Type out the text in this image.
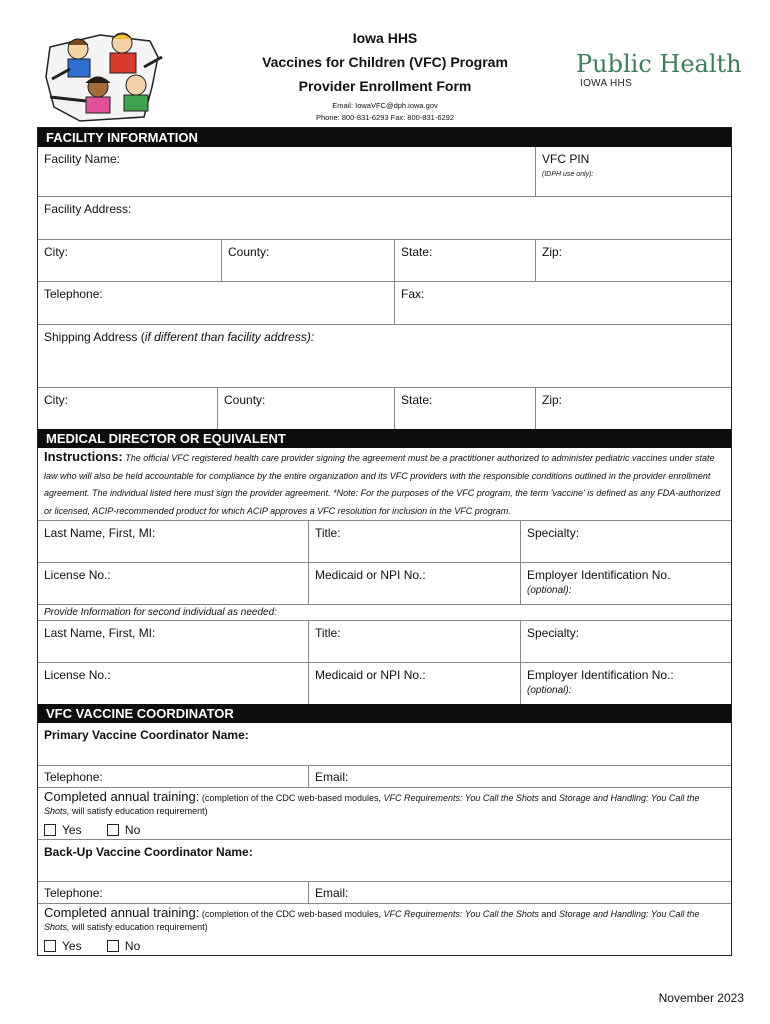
Iowa HHS
Vaccines for Children (VFC) Program
Provider Enrollment Form
Email: IowaVFC@dph.iowa.gov
Phone: 800-831-6293 Fax: 800-831-6292
Public Health
IOWA HHS
FACILITY INFORMATION
Facility Name:	VFC PIN
(IDPH use only):
Facility Address:
City:	County:	State:	Zip:
Telephone:	Fax:
Shipping Address (if different than facility address):
City:	County:	State:	Zip:
MEDICAL DIRECTOR OR EQUIVALENT
Instructions: The official VFC registered health care provider signing the agreement must be a practitioner authorized to administer pediatric vaccines under state law who will also be held accountable for compliance by the entire organization and its VFC providers with the responsible conditions outlined in the provider enrollment agreement. The individual listed here must sign the provider agreement. *Note: For the purposes of the VFC program, the term 'vaccine' is defined as any FDA-authorized or licensed, ACIP-recommended product for which ACIP approves a VFC resolution for inclusion in the VFC program.
Last Name, First, MI:	Title:	Specialty:
License No.:	Medicaid or NPI No.:	Employer Identification No.
(optional):
Provide Information for second individual as needed:
Last Name, First, MI:	Title:	Specialty:
License No.:	Medicaid or NPI No.:	Employer Identification No.:
(optional):
VFC VACCINE COORDINATOR
Primary Vaccine Coordinator Name:
Telephone:	Email:
Completed annual training: (completion of the CDC web-based modules, VFC Requirements: You Call the Shots and Storage and Handling: You Call the Shots, will satisfy education requirement)
Yes	No
Back-Up Vaccine Coordinator Name:
Telephone:	Email:
Completed annual training: (completion of the CDC web-based modules, VFC Requirements: You Call the Shots and Storage and Handling: You Call the Shots, will satisfy education requirement)
Yes	No
November 2023
